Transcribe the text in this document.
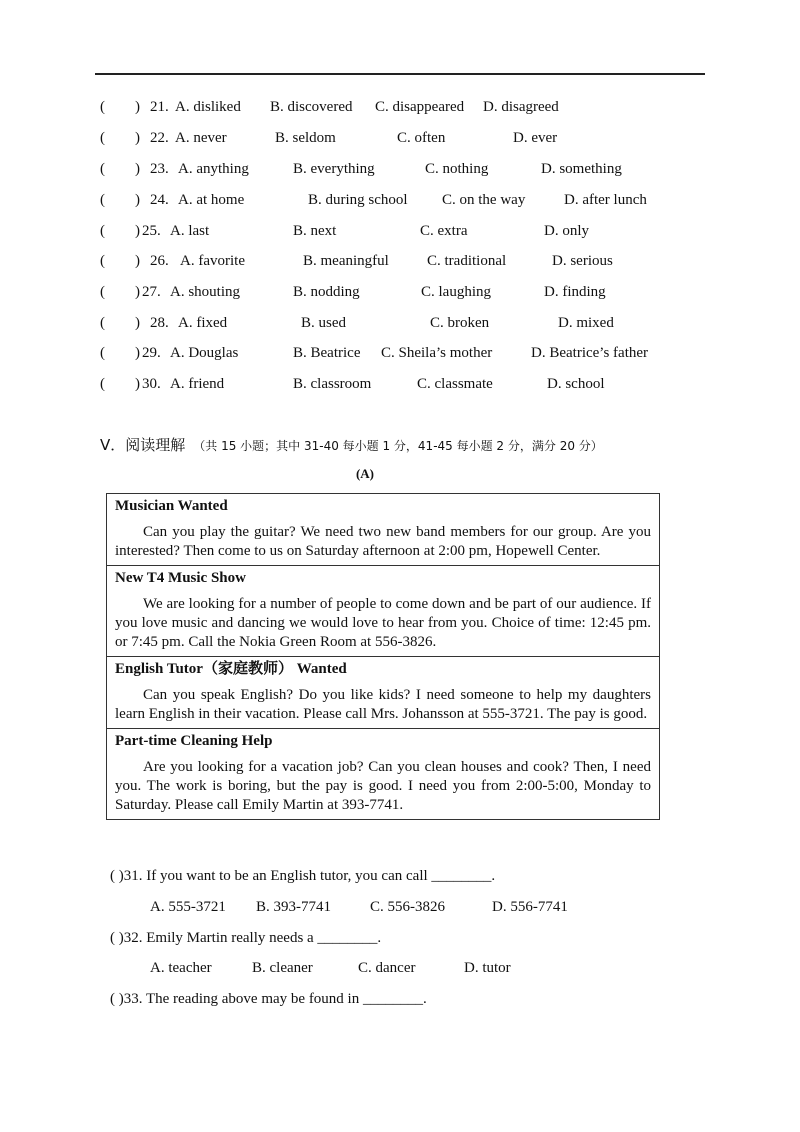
(　　) 21. A. disliked B. discovered C. disappeared D. disagreed
(　　) 22. A. never	B. seldom	C. often	D. ever
(　　) 23. A. anything	B. everything	C. nothing	D. something
(　　) 24. A. at home	B. during school C. on the way	D. after lunch
(　　) 25. A. last	B. next	C. extra	D. only
(　　) 26. A. favorite	B. meaningful	C. traditional	D. serious
(　　) 27. A. shouting	B. nodding	C. laughing	D. finding
(　　) 28. A. fixed	B. used	C. broken	D. mixed
(　　) 29. A. Douglas	B. Beatrice C. Sheila’s mother	D. Beatrice’s father
(　　) 30. A. friend	B. classroom	C. classmate	D. school
V．阅读理解 （共 15 小题；其中 31-40 每小题 1 分，41-45 每小题 2 分，满分 20 分）
(A)
Musician Wanted
Can you play the guitar? We need two new band members for our group. Are you interested? Then come to us on Saturday afternoon at 2:00 pm, Hopewell Center.
New T4 Music Show
We are looking for a number of people to come down and be part of our audience. If you love music and dancing we would love to hear from you. Choice of time: 12:45 pm. or 7:45 pm. Call the Nokia Green Room at 556-3826.
English Tutor（家庭教师） Wanted
Can you speak English? Do you like kids? I need someone to help my daughters learn English in their vacation. Please call Mrs. Johansson at 555-3721. The pay is good.
Part-time Cleaning Help
Are you looking for a vacation job? Can you clean houses and cook? Then, I need you. The work is boring, but the pay is good. I need you from 2:00-5:00, Monday to Saturday. Please call Emily Martin at 393-7741.
( )31. If you want to be an English tutor, you can call ________.
A. 555-3721 B. 393-7741	C. 556-3826	D. 556-7741
( )32. Emily Martin really needs a ________.
A. teacher	B. cleaner	C. dancer	D. tutor
( )33. The reading above may be found in ________.
